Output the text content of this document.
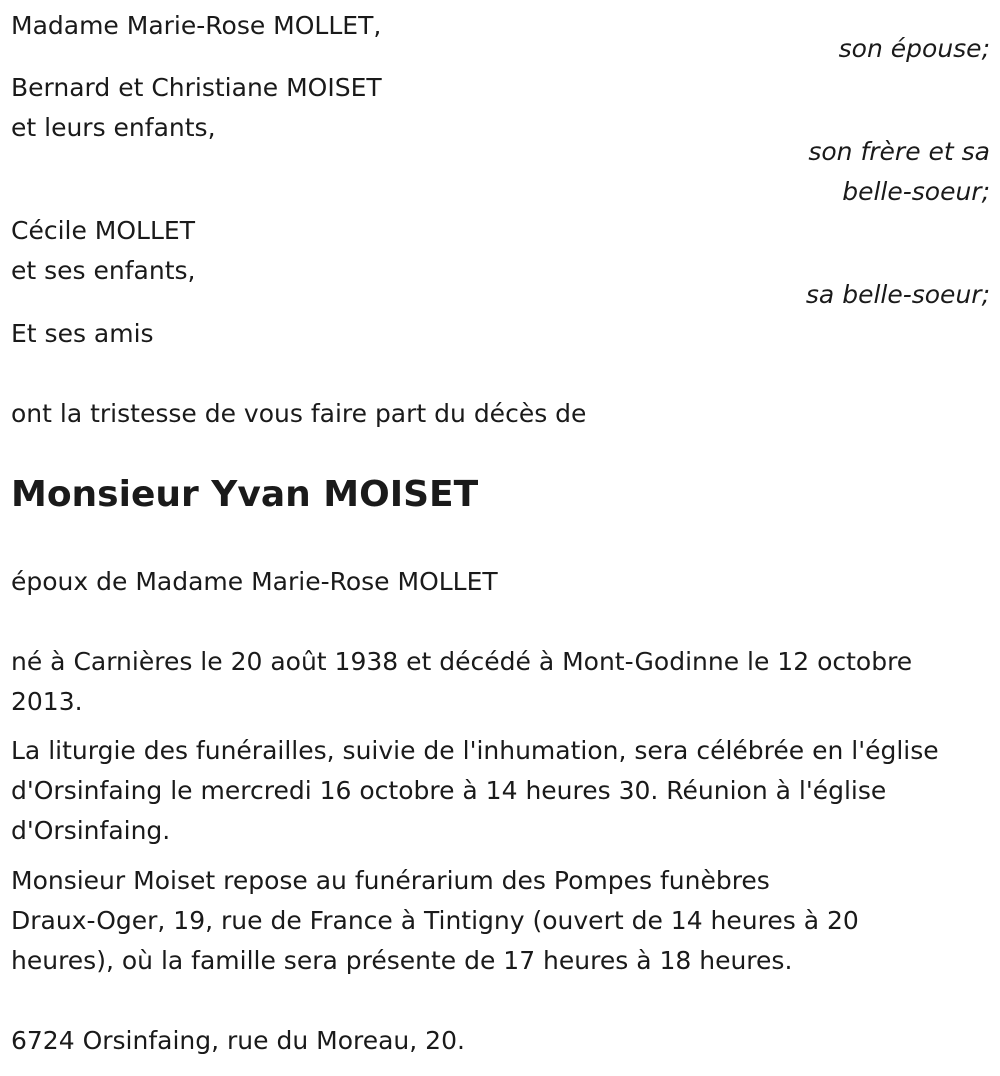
Madame Marie-Rose MOLLET,
son épouse;
Bernard et Christiane MOISET
et leurs enfants,
son frère et sa
belle-soeur;
Cécile MOLLET
et ses enfants,
sa belle-soeur;
Et ses amis
ont la tristesse de vous faire part du décès de
Monsieur Yvan MOISET
époux de Madame Marie-Rose MOLLET
né à Carnières le 20 août 1938 et décédé à Mont-Godinne le 12 octobre
2013.
La liturgie des funérailles, suivie de l'inhumation, sera célébrée en l'église
d'Orsinfaing le mercredi 16 octobre à 14 heures 30. Réunion à l'église
d'Orsinfaing.
Monsieur Moiset repose au funérarium des Pompes funèbres
Draux-Oger, 19, rue de France à Tintigny (ouvert de 14 heures à 20
heures), où la famille sera présente de 17 heures à 18 heures.
6724 Orsinfaing, rue du Moreau, 20.
